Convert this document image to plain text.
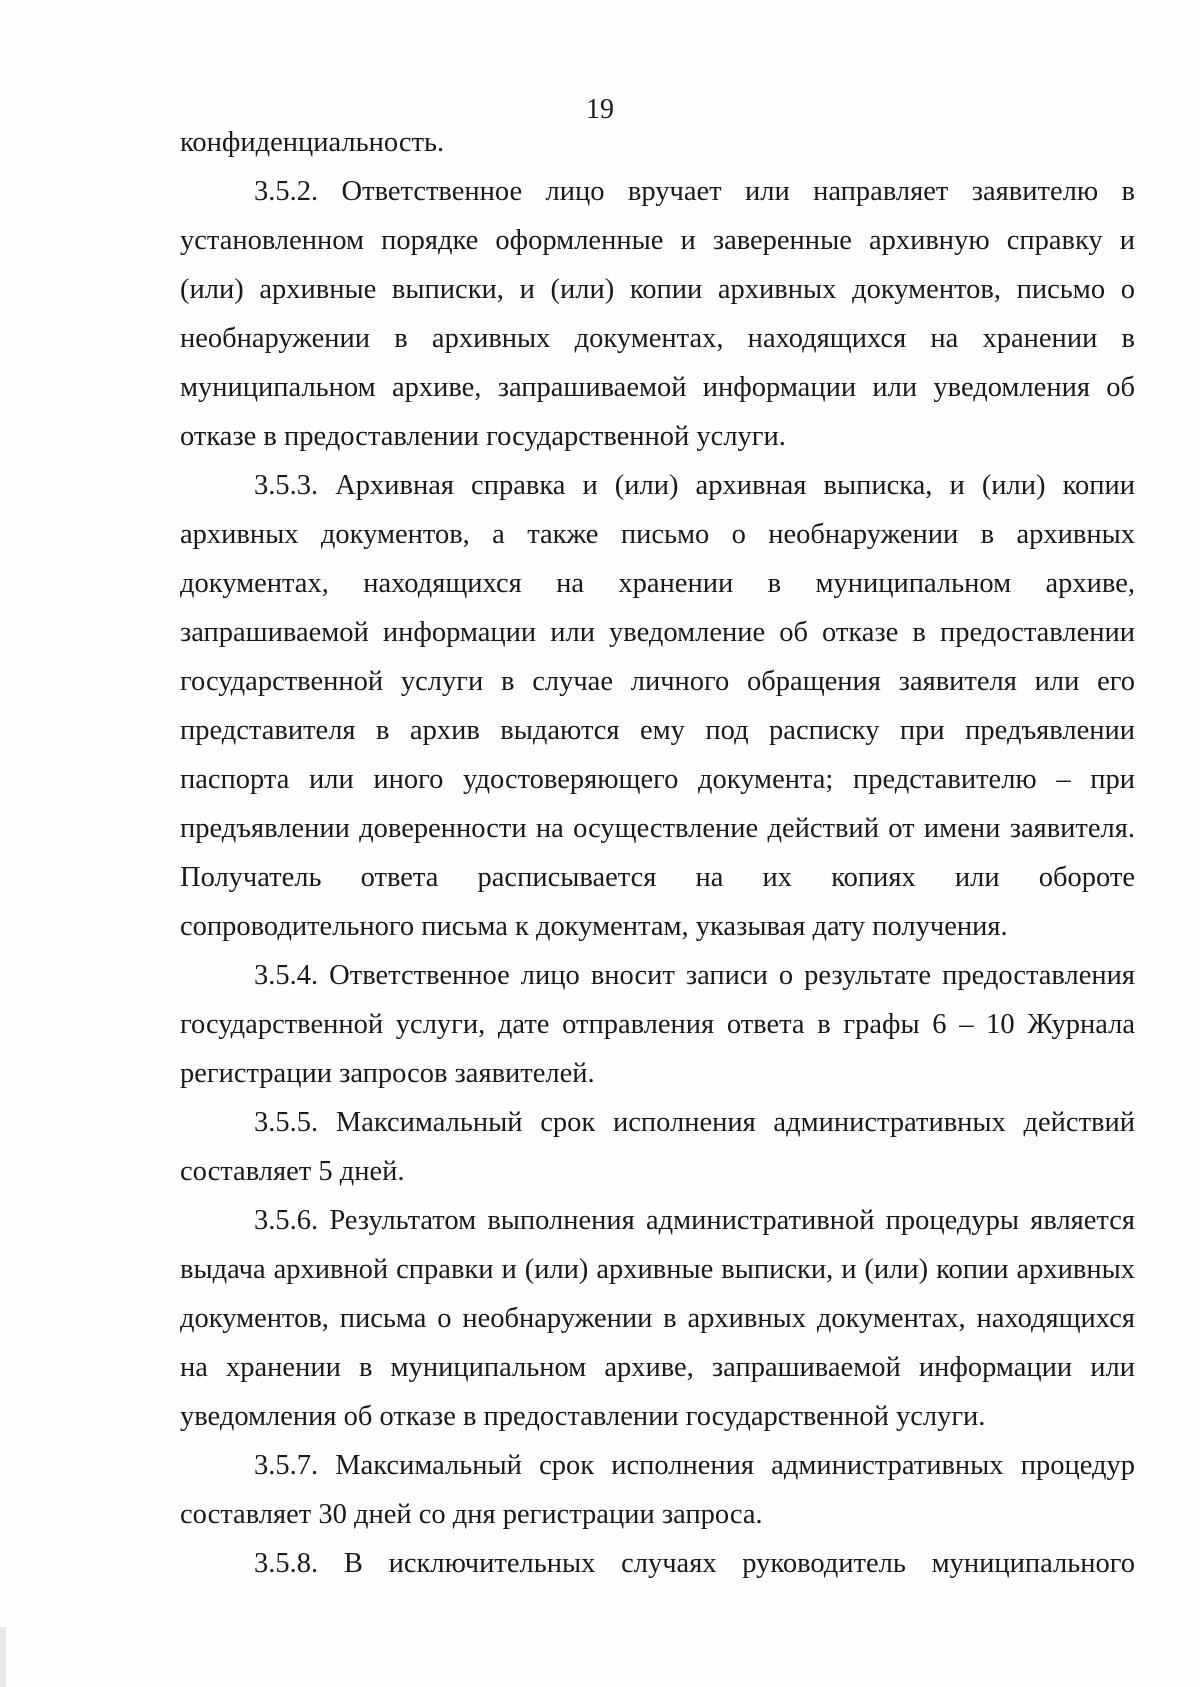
19

конфиденциальность.

3.5.2. Ответственное лицо вручает или направляет заявителю в установленном порядке оформленные и заверенные архивную справку и (или) архивные выписки, и (или) копии архивных документов, письмо о необнаружении в архивных документах, находящихся на хранении в муниципальном архиве, запрашиваемой информации или уведомления об отказе в предоставлении государственной услуги.

3.5.3. Архивная справка и (или) архивная выписка, и (или) копии архивных документов, а также письмо о необнаружении в архивных документах, находящихся на хранении в муниципальном архиве, запрашиваемой информации или уведомление об отказе в предоставлении государственной услуги в случае личного обращения заявителя или его представителя в архив выдаются ему под расписку при предъявлении паспорта или иного удостоверяющего документа; представителю – при предъявлении доверенности на осуществление действий от имени заявителя. Получатель ответа расписывается на их копиях или обороте сопроводительного письма к документам, указывая дату получения.

3.5.4. Ответственное лицо вносит записи о результате предоставления государственной услуги, дате отправления ответа в графы 6 – 10 Журнала регистрации запросов заявителей.

3.5.5. Максимальный срок исполнения административных действий составляет 5 дней.

3.5.6. Результатом выполнения административной процедуры является выдача архивной справки и (или) архивные выписки, и (или) копии архивных документов, письма о необнаружении в архивных документах, находящихся на хранении в муниципальном архиве, запрашиваемой информации или уведомления об отказе в предоставлении государственной услуги.

3.5.7. Максимальный срок исполнения административных процедур составляет 30 дней со дня регистрации запроса.

3.5.8. В исключительных случаях руководитель муниципального
